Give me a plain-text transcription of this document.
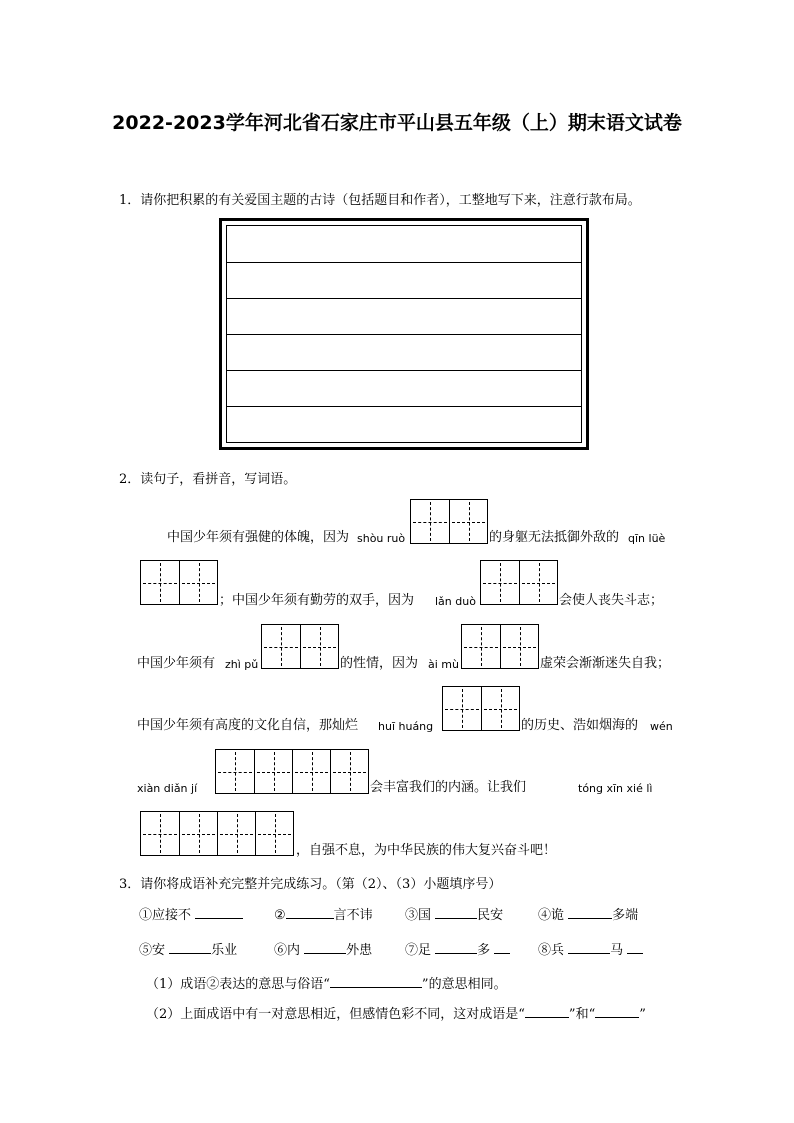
2022-2023学年河北省石家庄市平山县五年级（上）期末语文试卷
1．请你把积累的有关爱国主题的古诗（包括题目和作者），工整地写下来，注意行款布局。
2．读句子，看拼音，写词语。
中国少年须有强健的体魄，因为 shòu ruò	的身躯无法抵御外敌的 qīn lüè
；中国少年须有勤劳的双手，因为 lǎn duò	会使人丧失斗志；
中国少年须有 zhì pǔ	的性情，因为 ài mù	虚荣会渐渐迷失自我；
中国少年须有高度的文化自信，那灿烂 huī huáng	的历史、浩如烟海的 wén
xiàn diǎn jí	会丰富我们的内涵。让我们	tóng xīn xié lì
，自强不息，为中华民族的伟大复兴奋斗吧！
3．请你将成语补充完整并完成练习。（第（2）、（3）小题填序号）
①应接不	②	言不讳 ③国	民安	④诡	多端
⑤安	乐业	⑥内	外患	⑦足	多	⑧兵	马
（1）成语②表达的意思与俗语“	”的意思相同。
（2）上面成语中有一对意思相近，但感情色彩不同，这对成语是“	”和“	”
